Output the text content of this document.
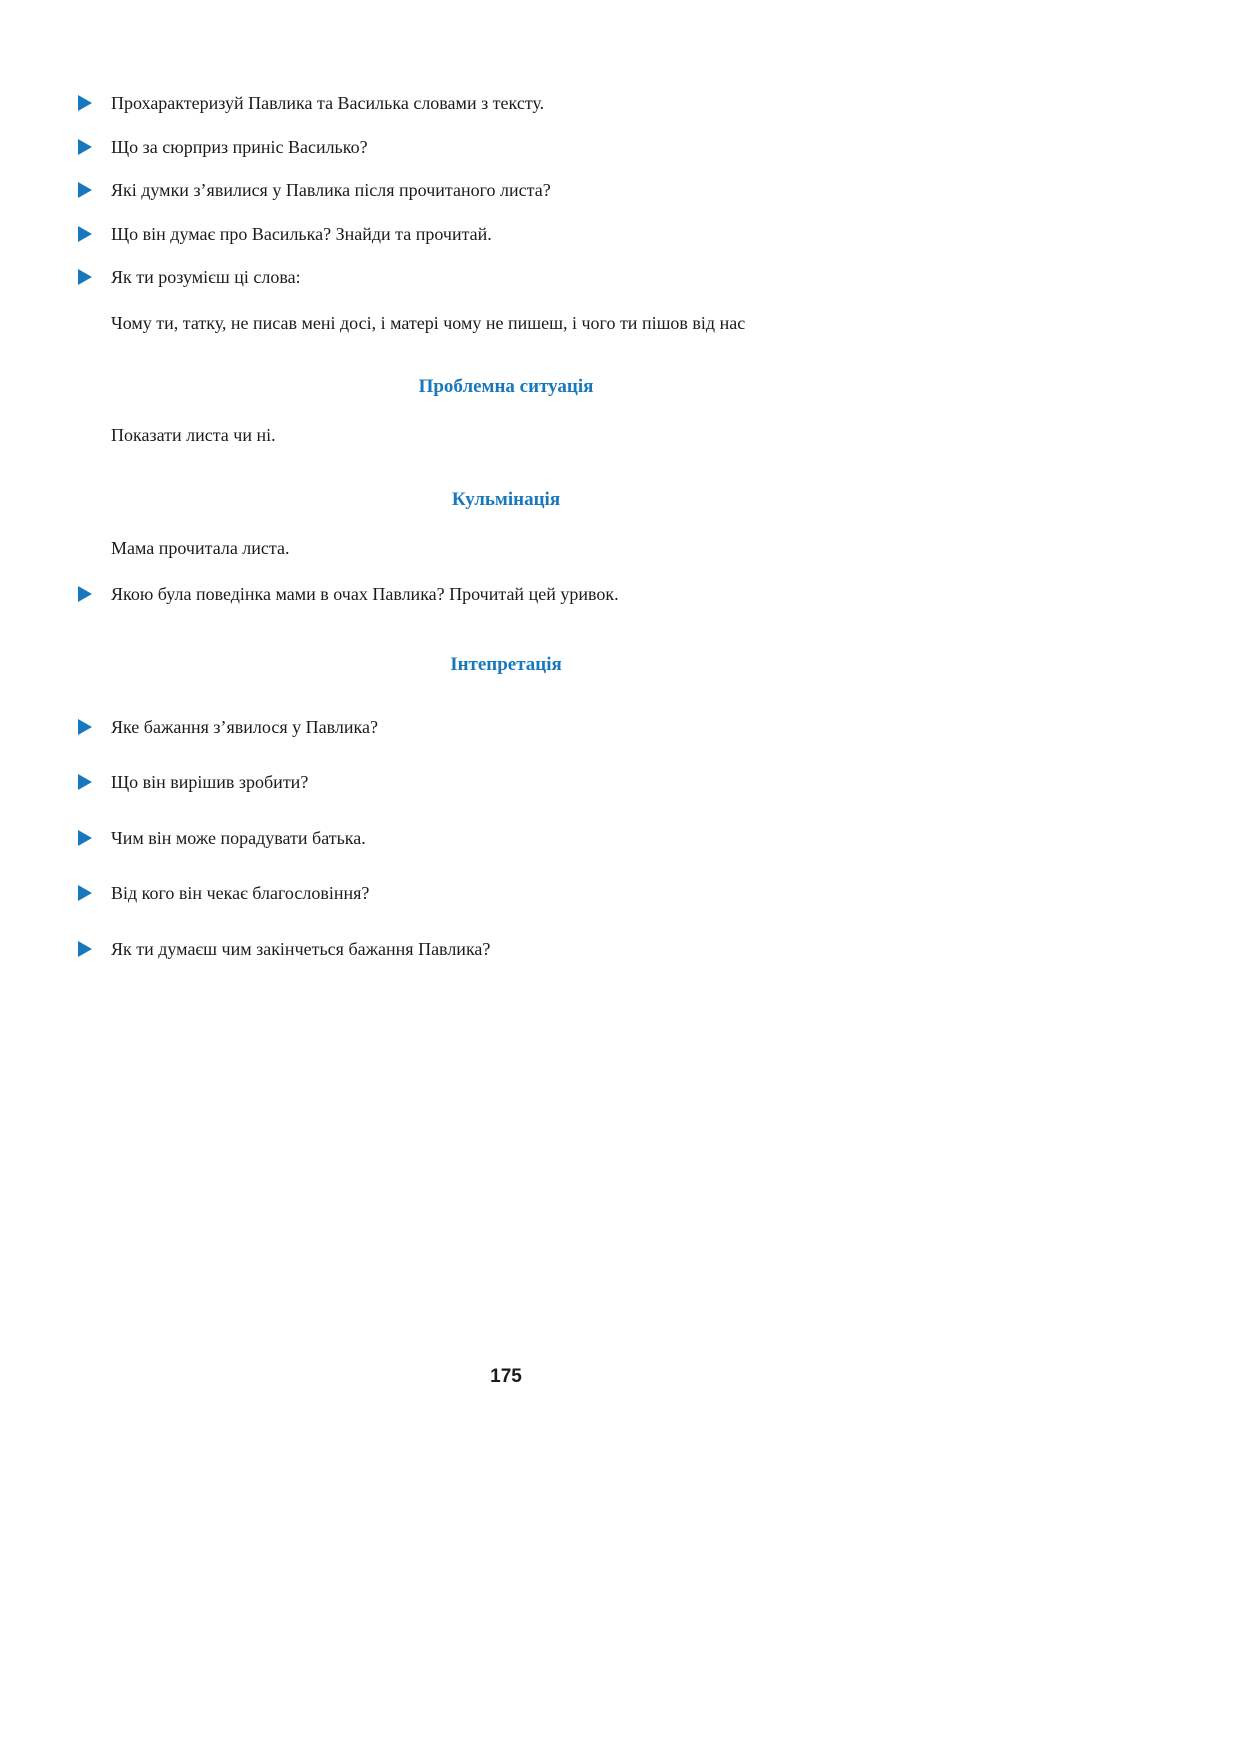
Прохарактеризуй Павлика та Василька словами з тексту.
Що за сюрприз приніс Василько?
Які думки з’явилися у Павлика після прочитаного листа?
Що він думає про Василька? Знайди та прочитай.
Як ти розумієш ці слова:

Чому ти, татку, не писав мені досі, і матері чому не пишеш, і чого ти пішов від нас

Проблемна ситуація

Показати листа чи ні.

Кульмінація

Мама прочитала листа.

Якою була поведінка мами в очах Павлика? Прочитай цей уривок.
Інтепретація
Яке бажання з’явилося у Павлика?
Що він вирішив зробити?
Чим він може порадувати батька.
Від кого він чекає благословіння?
Як ти думаєш чим закінчеться бажання Павлика?
175
